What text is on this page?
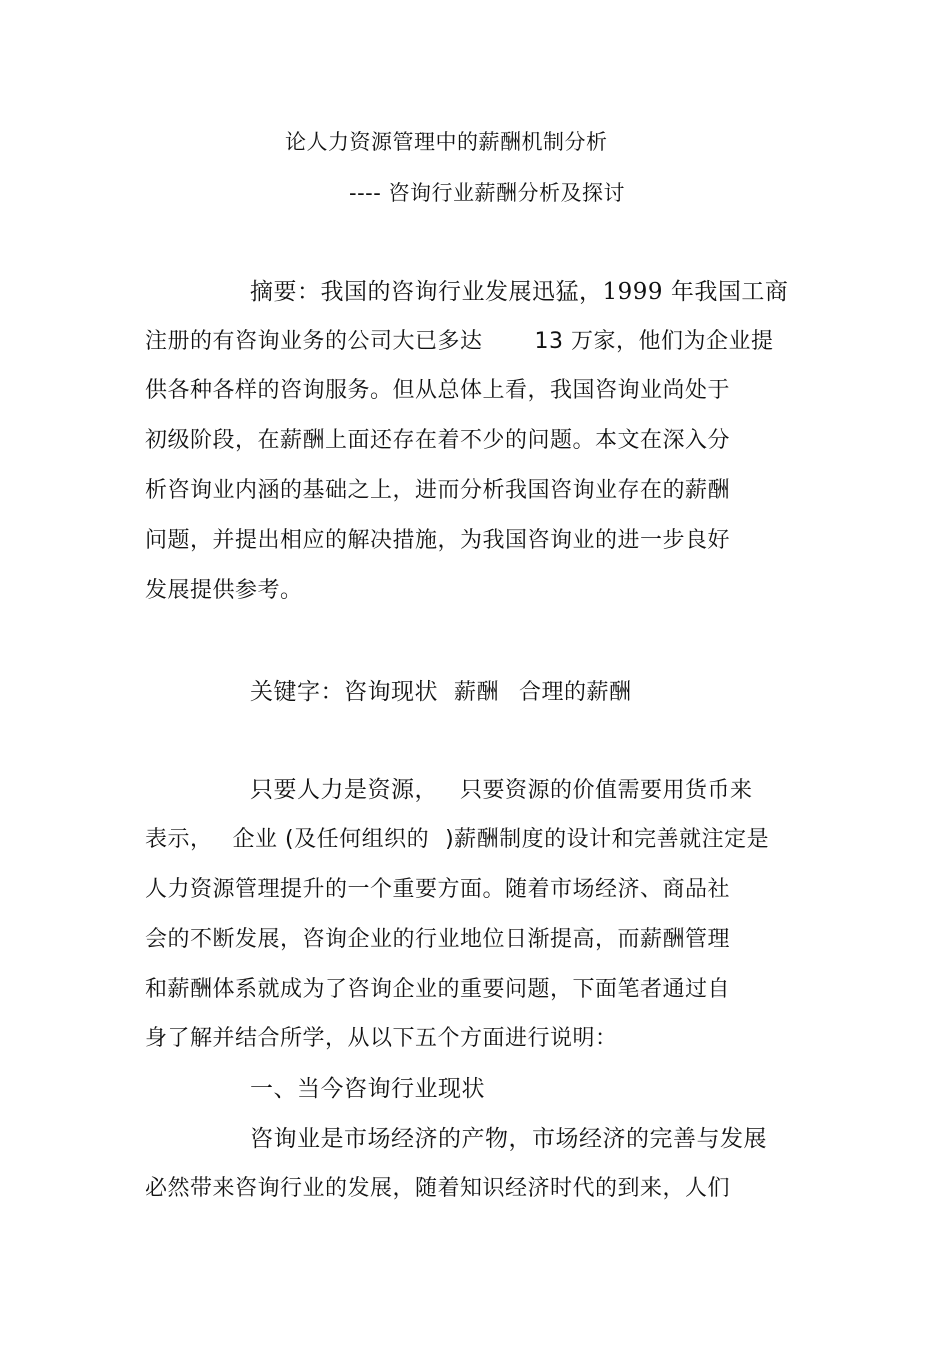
论人力资源管理中的薪酬机制分析
---- 咨询行业薪酬分析及探讨
摘要：我国的咨询行业发展迅猛，1999 年我国工商
注册的有咨询业务的公司大已多达 13 万家，他们为企业提
供各种各样的咨询服务。但从总体上看，我国咨询业尚处于
初级阶段，在薪酬上面还存在着不少的问题。本文在深入分
析咨询业内涵的基础之上，进而分析我国咨询业存在的薪酬
问题，并提出相应的解决措施，为我国咨询业的进一步良好
发展提供参考。
关键字：咨询现状 薪酬 合理的薪酬
只要人力是资源， 只要资源的价值需要用货币来
表示， 企业 (及任何组织的 )薪酬制度的设计和完善就注定是
人力资源管理提升的一个重要方面。随着市场经济、商品社
会的不断发展，咨询企业的行业地位日渐提高，而薪酬管理
和薪酬体系就成为了咨询企业的重要问题，下面笔者通过自
身了解并结合所学，从以下五个方面进行说明：
一、当今咨询行业现状
咨询业是市场经济的产物，市场经济的完善与发展
必然带来咨询行业的发展，随着知识经济时代的到来，人们
